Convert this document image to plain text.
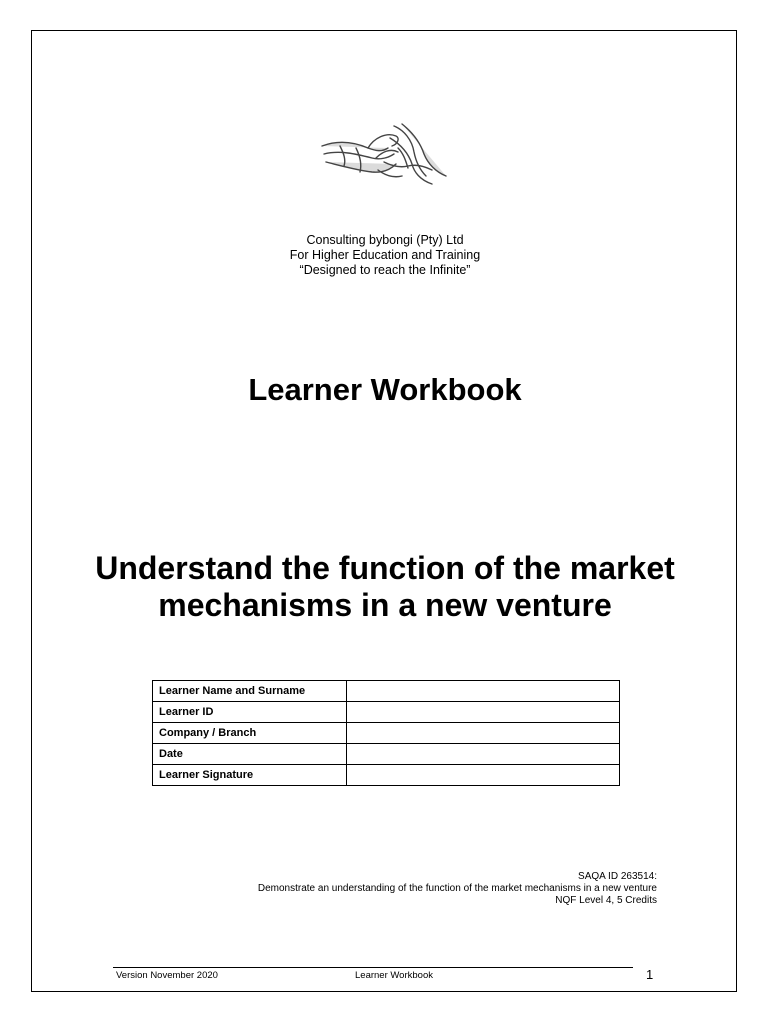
Consulting bybongi (Pty) Ltd
For Higher Education and Training
“Designed to reach the Infinite”
Learner Workbook
Understand the function of the market mechanisms in a new venture
Learner Name and Surname	
Learner ID	
Company / Branch	
Date	
Learner Signature	
SAQA ID 263514:
Demonstrate an understanding of the function of the market mechanisms in a new venture
NQF Level 4, 5 Credits
Version November 2020	Learner Workbook	1
